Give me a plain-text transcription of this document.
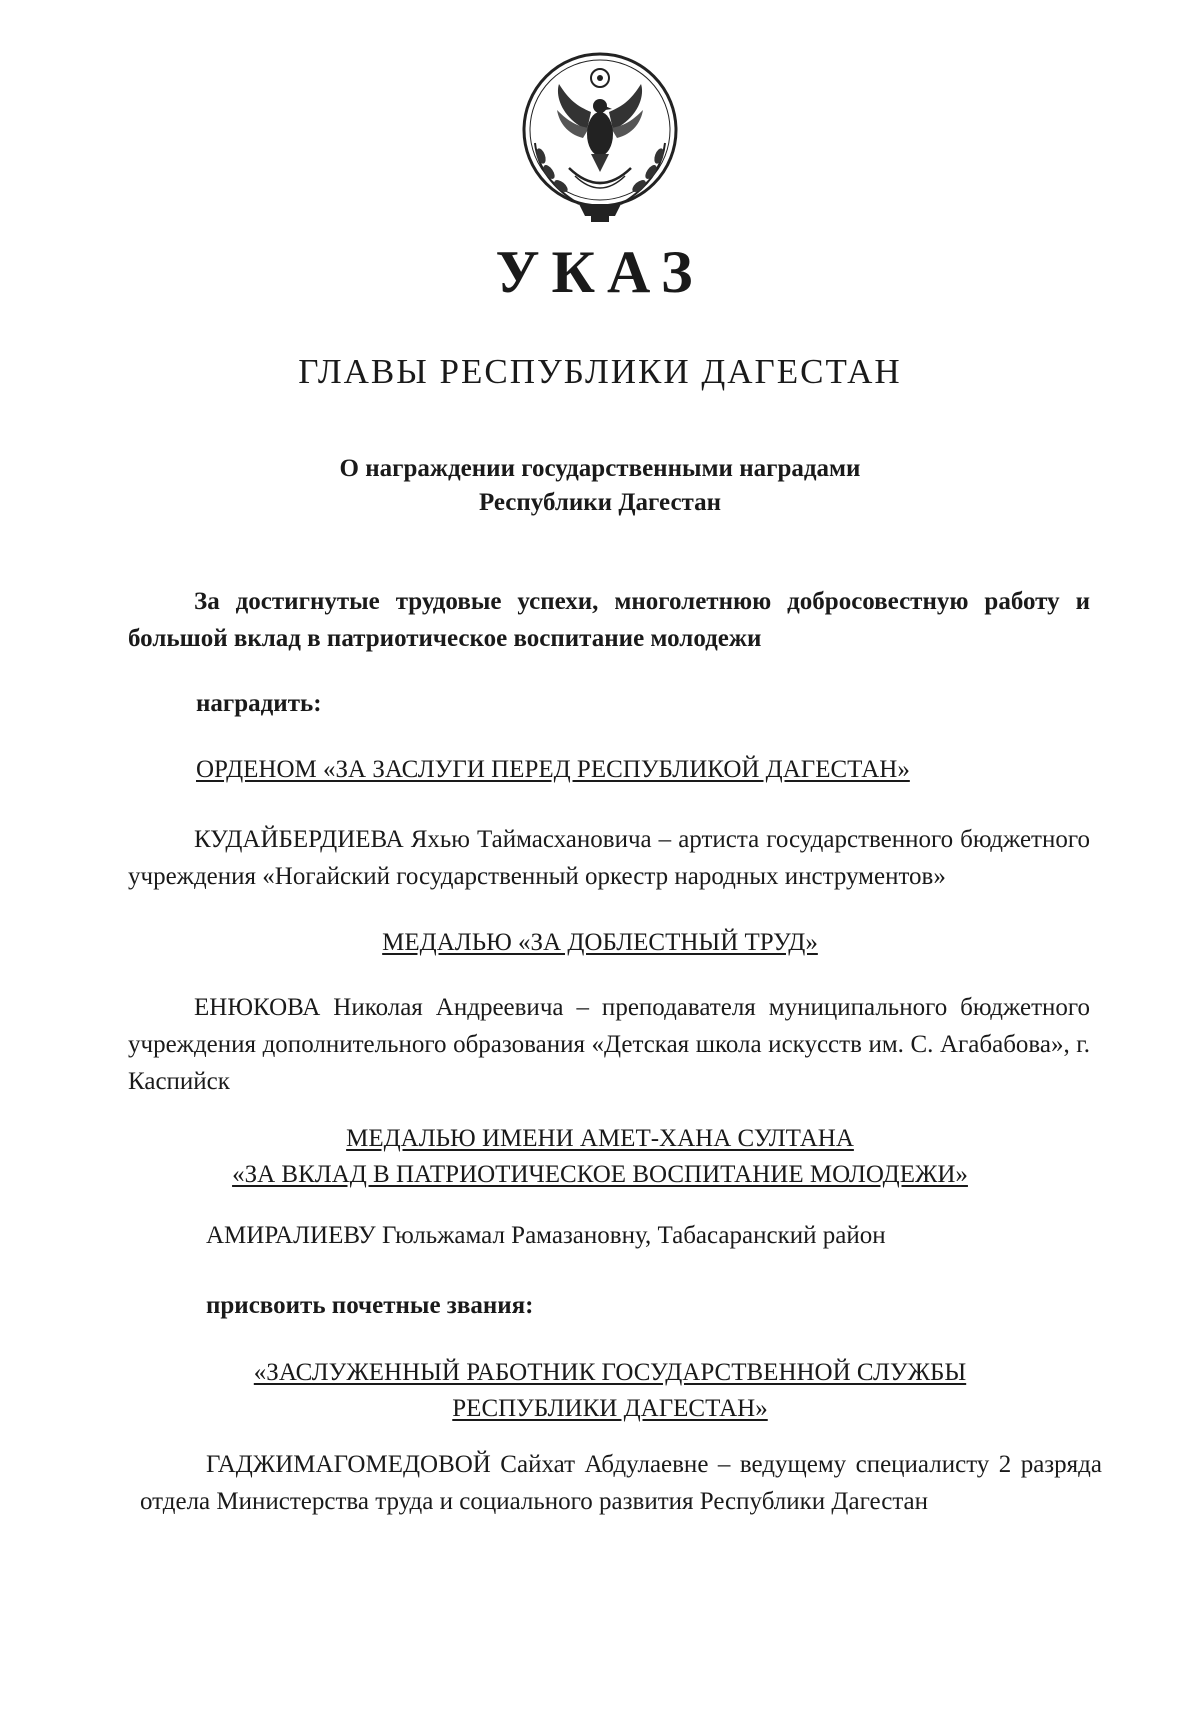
УКАЗ
ГЛАВЫ РЕСПУБЛИКИ ДАГЕСТАН
О награждении государственными наградами
Республики Дагестан
За достигнутые трудовые успехи, многолетнюю добросовестную работу и большой вклад в патриотическое воспитание молодежи
наградить:
ОРДЕНОМ «ЗА ЗАСЛУГИ ПЕРЕД РЕСПУБЛИКОЙ ДАГЕСТАН»
КУДАЙБЕРДИЕВА Яхью Таймасхановича – артиста государственного бюджетного учреждения «Ногайский государственный оркестр народных инструментов»
МЕДАЛЬЮ «ЗА ДОБЛЕСТНЫЙ ТРУД»
ЕНЮКОВА Николая Андреевича – преподавателя муниципального бюджетного учреждения дополнительного образования «Детская школа искусств им. С. Агабабова», г. Каспийск
МЕДАЛЬЮ ИМЕНИ АМЕТ-ХАНА СУЛТАНА
«ЗА ВКЛАД В ПАТРИОТИЧЕСКОЕ ВОСПИТАНИЕ МОЛОДЕЖИ»
АМИРАЛИЕВУ Гюльжамал Рамазановну, Табасаранский район
присвоить почетные звания:
«ЗАСЛУЖЕННЫЙ РАБОТНИК ГОСУДАРСТВЕННОЙ СЛУЖБЫ
РЕСПУБЛИКИ ДАГЕСТАН»
ГАДЖИМАГОМЕДОВОЙ Сайхат Абдулаевне – ведущему специалисту 2 разряда отдела Министерства труда и социального развития Республики Дагестан
